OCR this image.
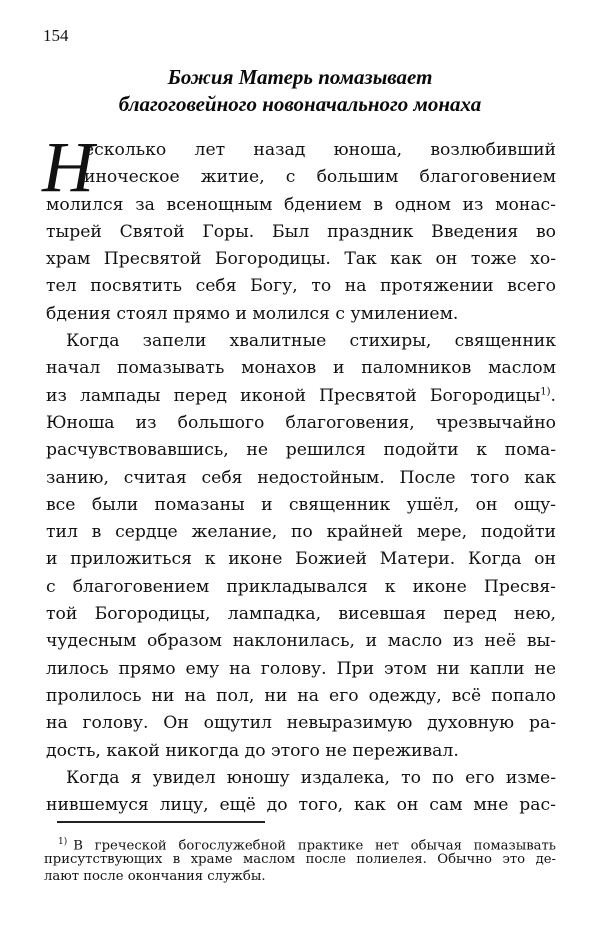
154
Божия Матерь помазывает
благоговейного новоначального монаха
Н
есколько лет назад юноша, возлюбивший
иноческое житие, с большим благоговением
молился за всенощным бдением в одном из монас-
тырей Святой Горы. Был праздник Введения во
храм Пресвятой Богородицы. Так как он тоже хо-
тел посвятить себя Богу, то на протяжении всего
бдения стоял прямо и молился с умилением.
Когда запели хвалитные стихиры, священник
начал помазывать монахов и паломников маслом
из лампады перед иконой Пресвятой Богородицы$^{1)}$.
Юноша из большого благоговения, чрезвычайно
расчувствовавшись, не решился подойти к пома-
занию, считая себя недостойным. После того как
все были помазаны и священник ушёл, он ощу-
тил в сердце желание, по крайней мере, подойти
и приложиться к иконе Божией Матери. Когда он
с благоговением прикладывался к иконе Пресвя-
той Богородицы, лампадка, висевшая перед нею,
чудесным образом наклонилась, и масло из неё вы-
лилось прямо ему на голову. При этом ни капли не
пролилось ни на пол, ни на его одежду, всё попало
на голову. Он ощутил невыразимую духовную ра-
дость, какой никогда до этого не переживал.
Когда я увидел юношу издалека, то по его изме-
нившемуся лицу, ещё до того, как он сам мне рас-
$^{1)}$ В греческой богослужебной практике нет обычая помазывать
присутствующих в храме маслом после полиелея. Обычно это де-
лают после окончания службы.
